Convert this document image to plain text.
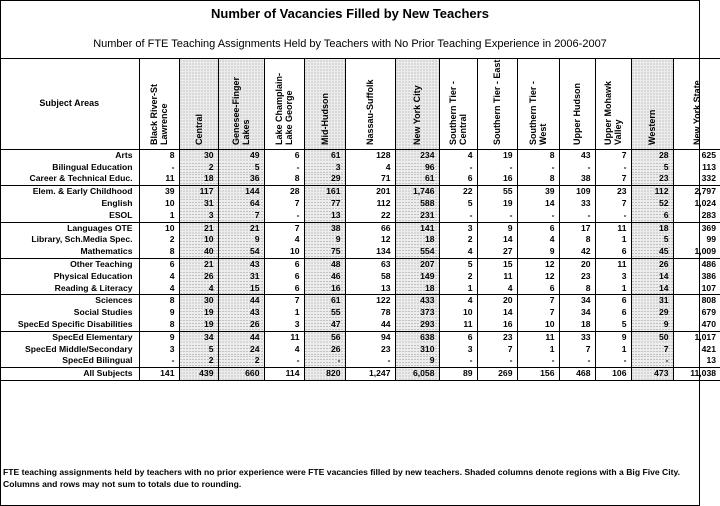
Number of Vacancies Filled by New Teachers
Number of FTE Teaching Assignments Held by Teachers with No Prior Teaching Experience in 2006-2007
Subject Areas	Black River-St Lawrence	Central	Genesee-Finger Lakes	Lake Champlain-Lake George	Mid-Hudson	Nassau-Suffolk	New York City	Southern Tier - Central	Southern Tier - East	Southern Tier - West	Upper Hudson	Upper Mohawk Valley	Western	New York State
Arts	8	30	49	6	61	128	234	4	19	8	43	7	28	625
Bilingual Education	-	2	5	-	3	4	96	-	-	-	-	-	5	113
Career & Technical Educ.	11	18	36	8	29	71	61	6	16	8	38	7	23	332
Elem. & Early Childhood	39	117	144	28	161	201	1,746	22	55	39	109	23	112	2,797
English	10	31	64	7	77	112	588	5	19	14	33	7	52	1,024
ESOL	1	3	7	-	13	22	231	-	-	-	-	-	6	283
Languages OTE	10	21	21	7	38	66	141	3	9	6	17	11	18	369
Library, Sch.Media Spec.	2	10	9	4	9	12	18	2	14	4	8	1	5	99
Mathematics	8	40	54	10	75	134	554	4	27	9	42	6	45	1,009
Other Teaching	6	21	43	6	48	63	207	5	15	12	20	11	26	486
Physical Education	4	26	31	6	46	58	149	2	11	12	23	3	14	386
Reading & Literacy	4	4	15	6	16	13	18	1	4	6	8	1	14	107
Sciences	8	30	44	7	61	122	433	4	20	7	34	6	31	808
Social Studies	9	19	43	1	55	78	373	10	14	7	34	6	29	679
SpecEd Specific Disabilities	8	19	26	3	47	44	293	11	16	10	18	5	9	470
SpecEd Elementary	9	34	44	11	56	94	638	6	23	11	33	9	50	1,017
SpecEd Middle/Secondary	3	5	24	4	26	23	310	3	7	1	7	1	7	421
SpecEd Bilingual	-	2	2	-	-	-	9	-	-	-	-	-	-	13
All Subjects	141	439	660	114	820	1,247	6,058	89	269	156	468	106	473	11,038
FTE teaching assignments held by teachers with no prior experience were FTE vacancies filled by new teachers. Shaded columns denote regions with a Big Five City. Columns and rows may not sum to totals due to rounding.
